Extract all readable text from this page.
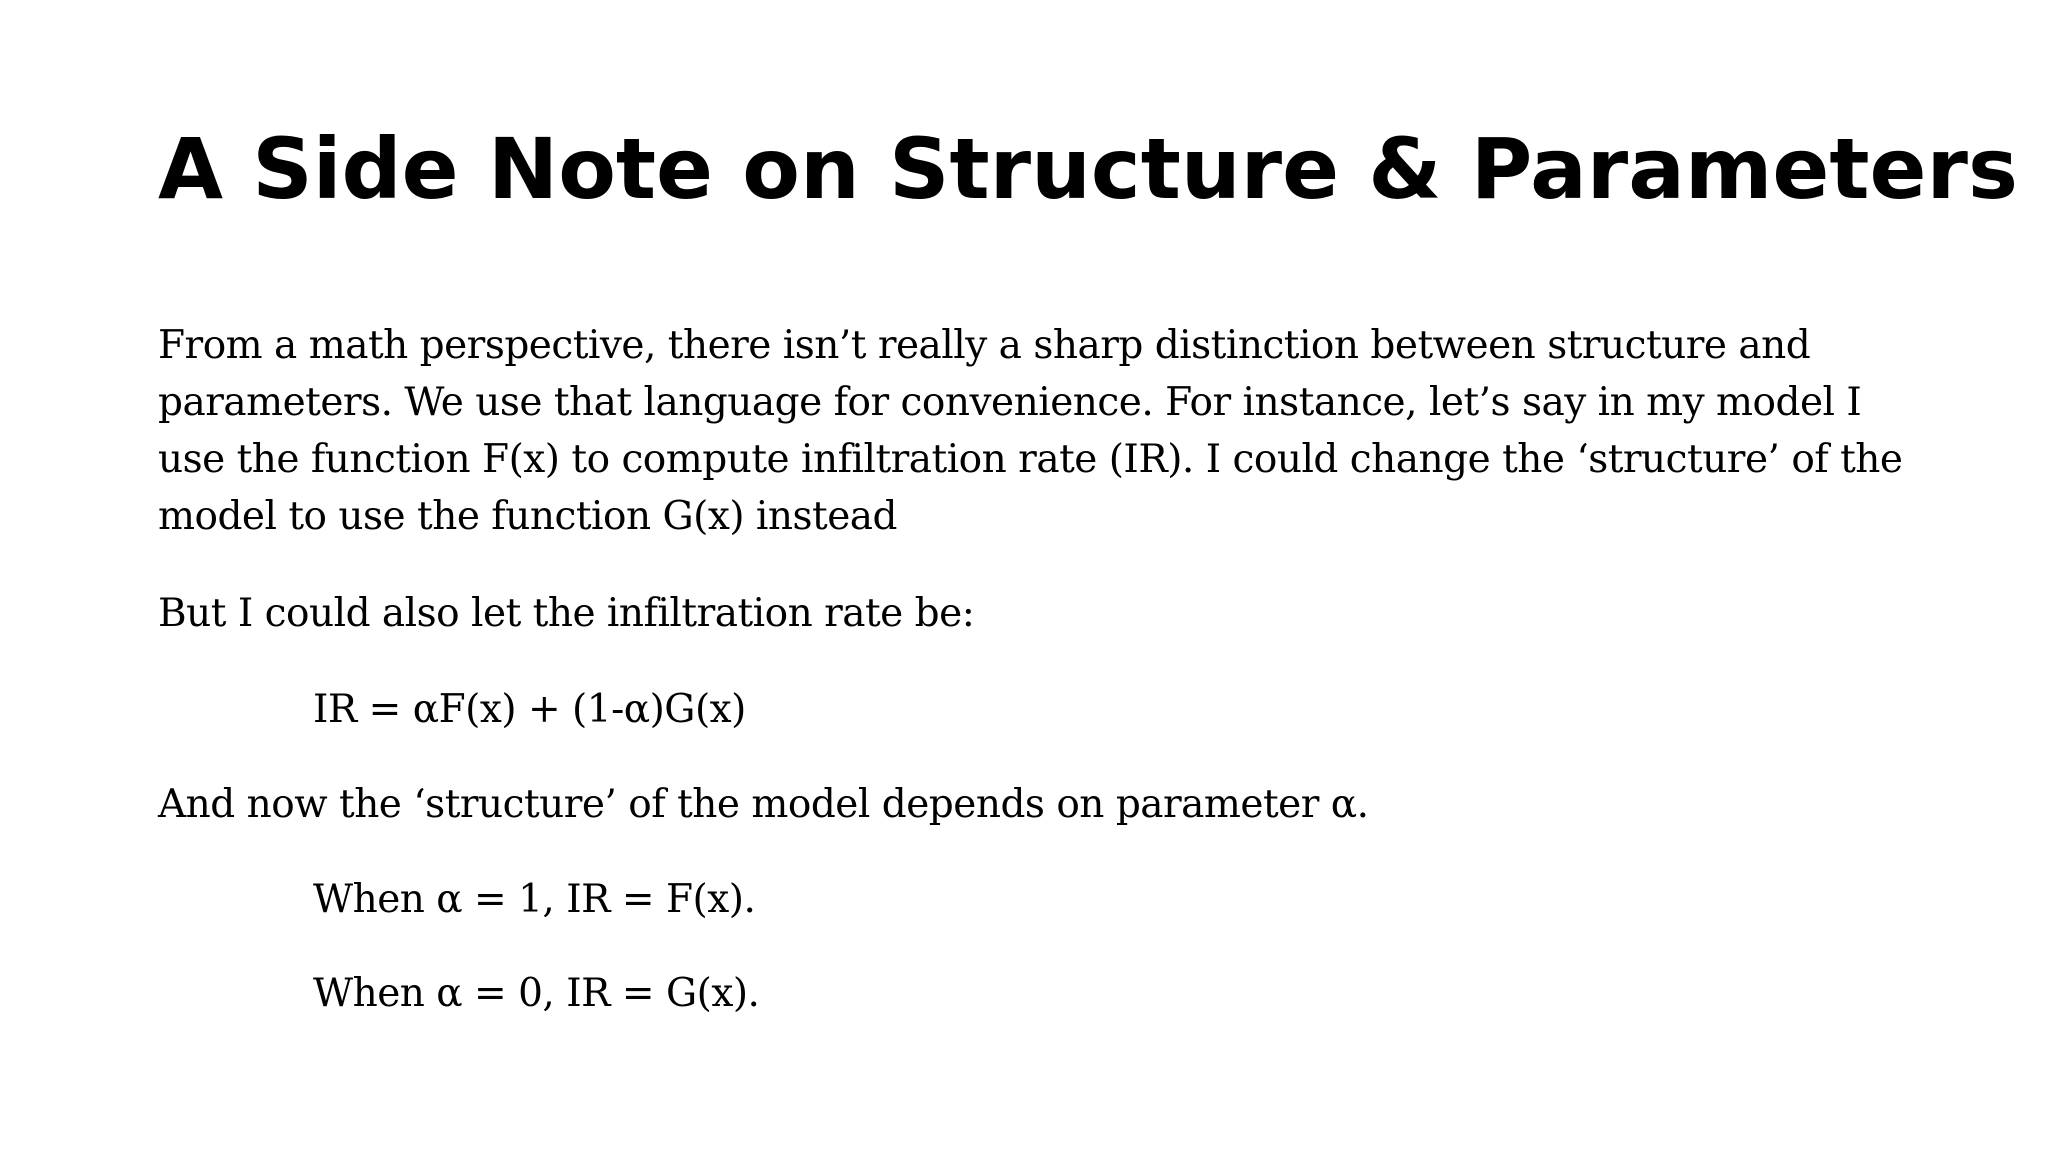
A Side Note on Structure & Parameters

From a math perspective, there isn’t really a sharp distinction between structure and parameters. We use that language for convenience. For instance, let’s say in my model I use the function F(x) to compute infiltration rate (IR). I could change the ‘structure’ of the model to use the function G(x) instead

But I could also let the infiltration rate be:

IR = αF(x) + (1-α)G(x)

And now the ‘structure’ of the model depends on parameter α.

When α = 1, IR = F(x).

When α = 0, IR = G(x).
